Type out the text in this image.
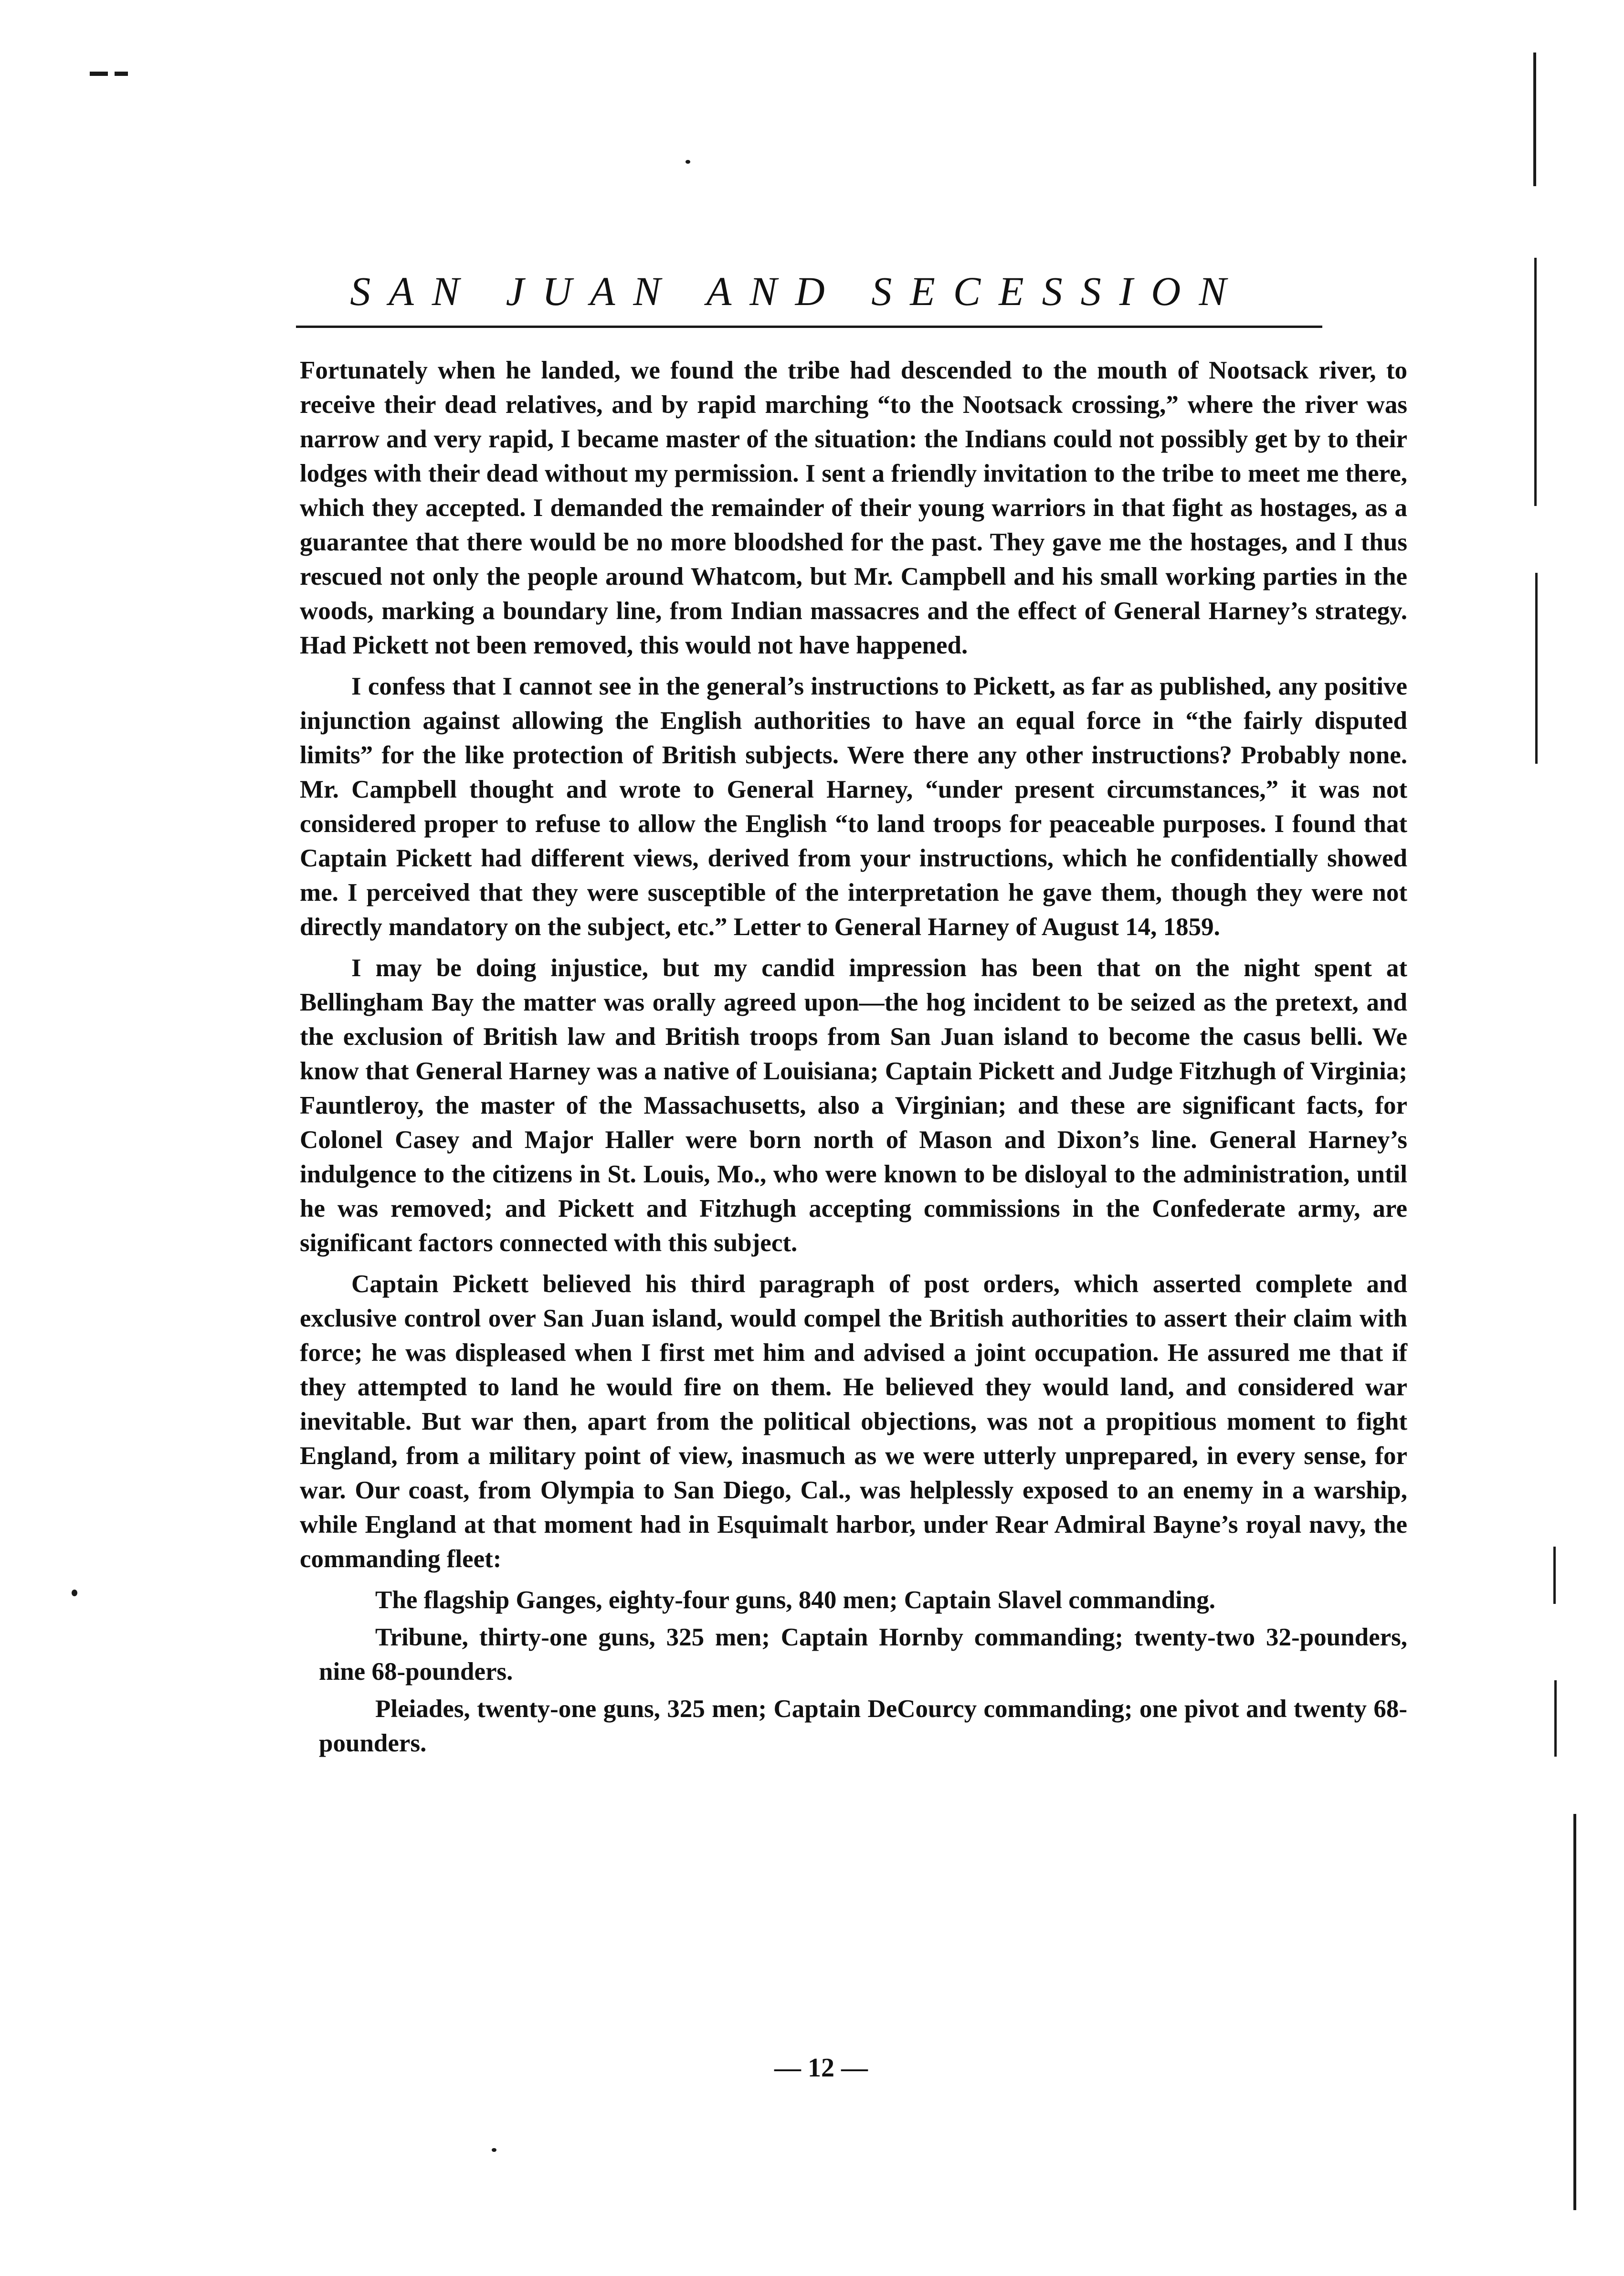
SAN JUAN AND SECESSION

Fortunately when he landed, we found the tribe had descended to the mouth of Nootsack river, to receive their dead relatives, and by rapid marching “to the Nootsack crossing,” where the river was narrow and very rapid, I became master of the situation: the Indians could not possibly get by to their lodges with their dead without my permission. I sent a friendly invitation to the tribe to meet me there, which they accepted. I demanded the remainder of their young warriors in that fight as hostages, as a guarantee that there would be no more bloodshed for the past. They gave me the hostages, and I thus rescued not only the people around Whatcom, but Mr. Campbell and his small working parties in the woods, marking a boundary line, from Indian massacres and the effect of General Harney’s strategy. Had Pickett not been removed, this would not have happened.

I confess that I cannot see in the general’s instructions to Pickett, as far as published, any positive injunction against allowing the English authorities to have an equal force in “the fairly disputed limits” for the like protection of British subjects. Were there any other instructions? Probably none. Mr. Campbell thought and wrote to General Harney, “under present circumstances,” it was not considered proper to refuse to allow the English “to land troops for peaceable purposes. I found that Captain Pickett had different views, derived from your instructions, which he confidentially showed me. I perceived that they were susceptible of the interpretation he gave them, though they were not directly mandatory on the subject, etc.” Letter to General Harney of August 14, 1859.

I may be doing injustice, but my candid impression has been that on the night spent at Bellingham Bay the matter was orally agreed upon—the hog incident to be seized as the pretext, and the exclusion of British law and British troops from San Juan island to become the casus belli. We know that General Harney was a native of Louisiana; Captain Pickett and Judge Fitzhugh of Virginia; Fauntleroy, the master of the Massachusetts, also a Virginian; and these are significant facts, for Colonel Casey and Major Haller were born north of Mason and Dixon’s line. General Harney’s indulgence to the citizens in St. Louis, Mo., who were known to be disloyal to the administration, until he was removed; and Pickett and Fitzhugh accepting commissions in the Confederate army, are significant factors connected with this subject.

Captain Pickett believed his third paragraph of post orders, which asserted complete and exclusive control over San Juan island, would compel the British authorities to assert their claim with force; he was displeased when I first met him and advised a joint occupation. He assured me that if they attempted to land he would fire on them. He believed they would land, and considered war inevitable. But war then, apart from the political objections, was not a propitious moment to fight England, from a military point of view, inasmuch as we were utterly unprepared, in every sense, for war. Our coast, from Olympia to San Diego, Cal., was helplessly exposed to an enemy in a warship, while England at that moment had in Esquimalt harbor, under Rear Admiral Bayne’s royal navy, the commanding fleet:

The flagship Ganges, eighty-four guns, 840 men; Captain Slavel commanding.

Tribune, thirty-one guns, 325 men; Captain Hornby commanding; twenty-two 32-pounders, nine 68-pounders.

Pleiades, twenty-one guns, 325 men; Captain DeCourcy commanding; one pivot and twenty 68-pounders.

— 12 —
